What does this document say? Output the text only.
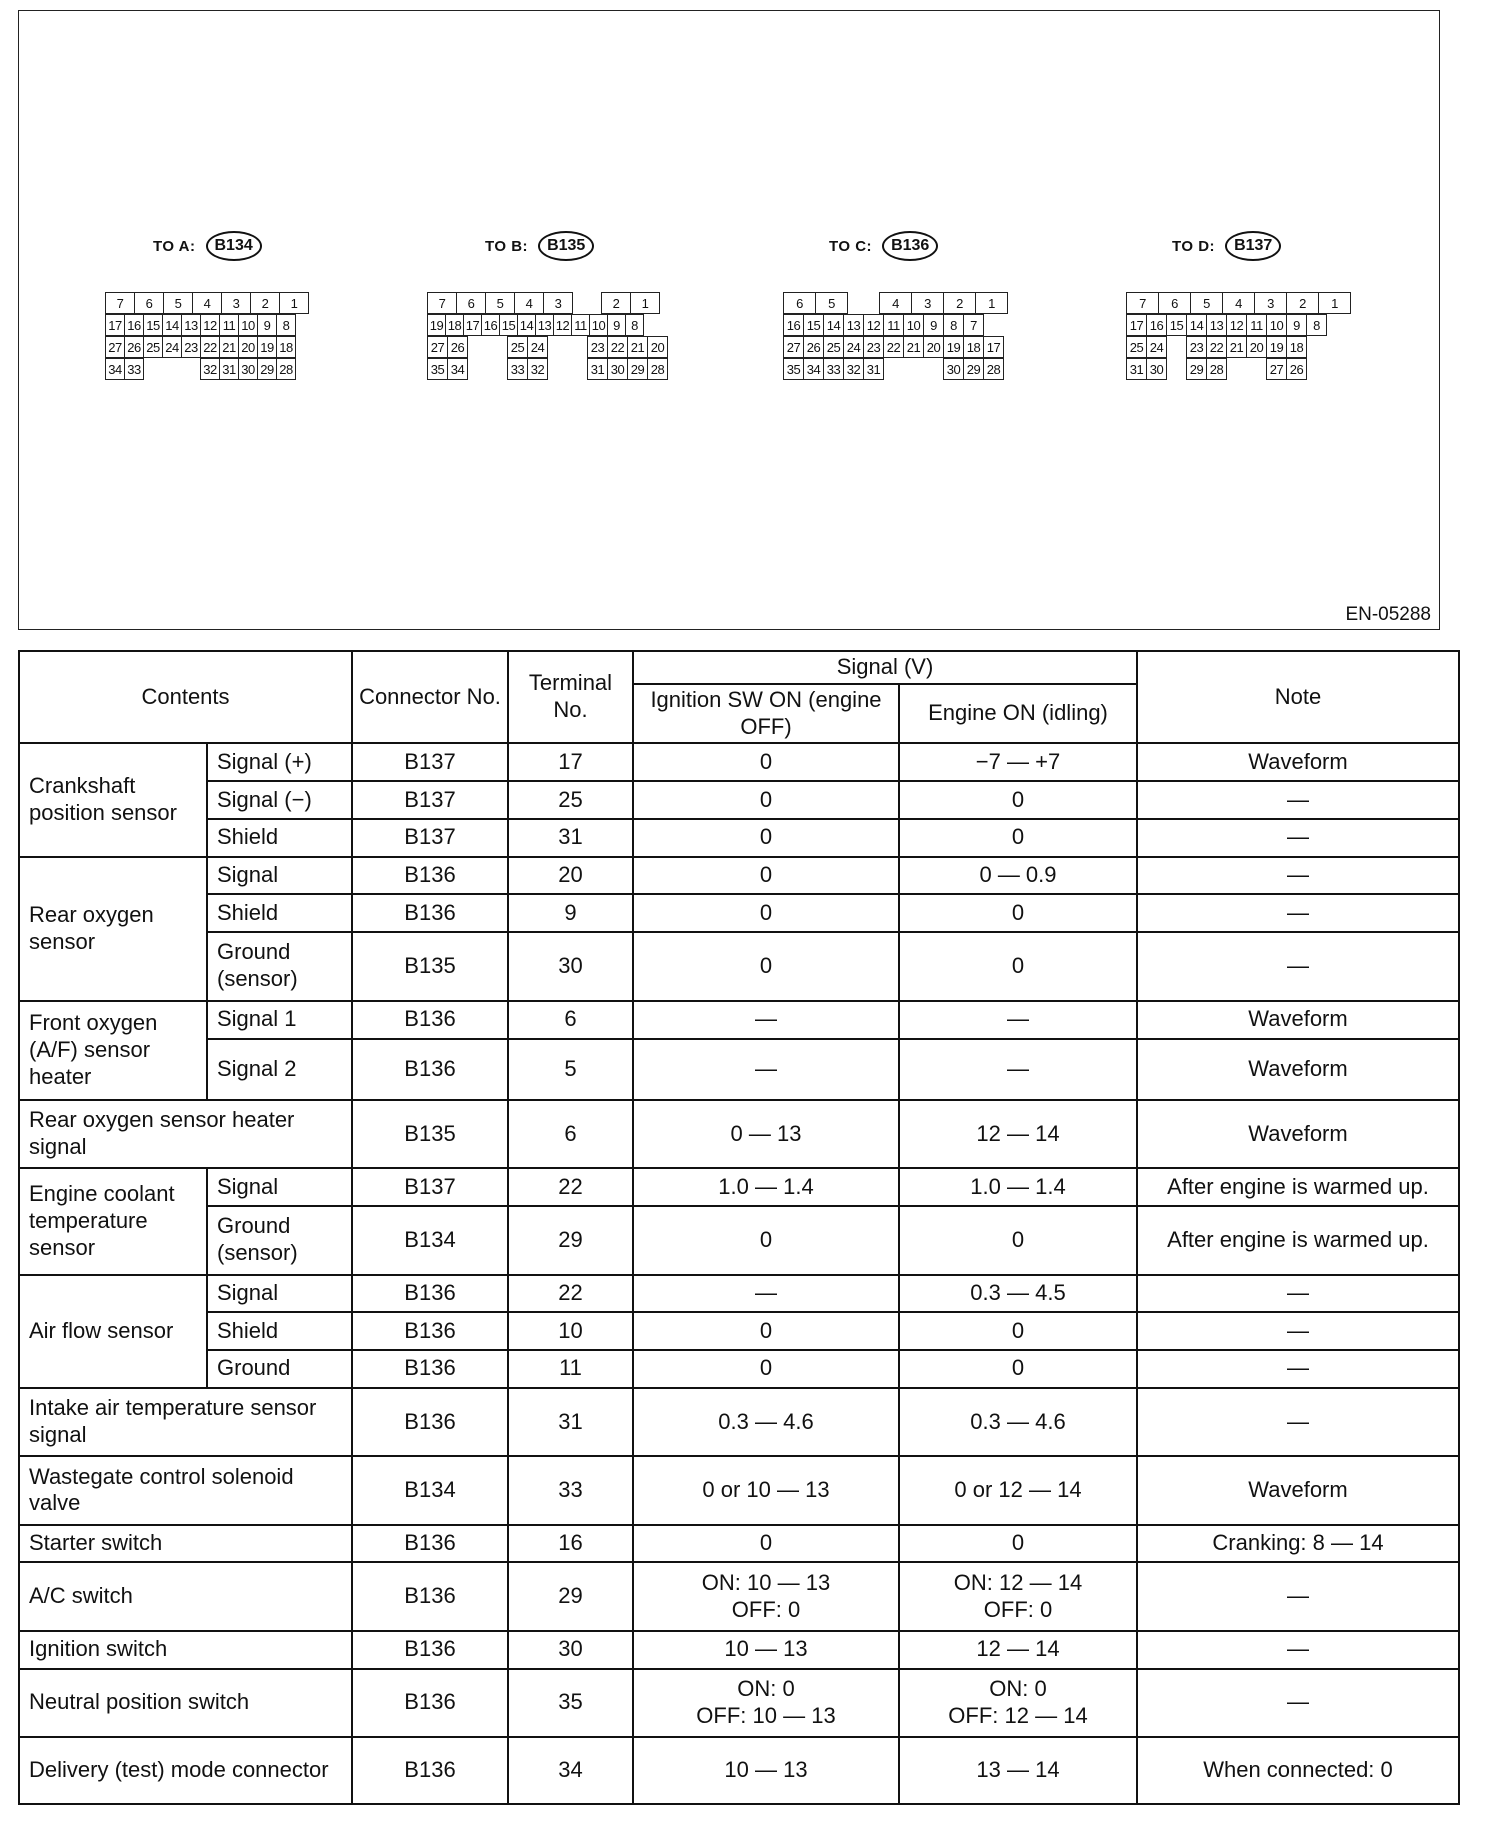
TO A:	B134
7	6	5	4	3	2	1
17 16 15 14 13 12 11 10 9 8
27 26 25 24 23 22 21 20 19 18
34 33	32 31 30 29 28
TO B:	B135
7	6	5	4	3	2	1
19 18 17 16 15 14 13 12 11 10 9 8
27 26	25 24	23 22 21 20
35 34	33 32	31 30 29 28
TO C:	B136
6	5	4	3	2	1
16 15 14 13 12 11 10 9	8	7
27 26 25 24 23 22 21 20 19 18 17
35 34 33 32 31	30 29 28
TO D:	B137
7	6	5	4	3	2	1
17 16 15 14 13 12 11 10 9	8
25 24 23 22 21 20 19 18
31 30 29 28	27 26
EN-05288
Contents		Connector No.	Terminal No.	Signal (V)		Note
				Ignition SW ON (engine OFF)	Engine ON (idling)	
Crankshaft position sensor	Signal (+)	B137	17	0	−7 — +7	Waveform
	Signal (−)	B137	25	0	0	—
	Shield	B137	31	0	0	—
Rear oxygen sensor	Signal	B136	20	0	0 — 0.9	—
	Shield	B136	9	0	0	—
	Ground (sensor)	B135	30	0	0	—
Front oxygen (A/F) sensor heater	Signal 1	B136	6	—	—	Waveform
	Signal 2	B136	5	—	—	Waveform
Rear oxygen sensor heater signal		B135	6	0 — 13	12 — 14	Waveform
Engine coolant temperature sensor	Signal	B137	22	1.0 — 1.4	1.0 — 1.4	After engine is warmed up.
	Ground (sensor)	B134	29	0	0	After engine is warmed up.
Air flow sensor	Signal	B136	22	—	0.3 — 4.5	—
	Shield	B136	10	0	0	—
	Ground	B136	11	0	0	—
Intake air temperature sensor signal		B136	31	0.3 — 4.6	0.3 — 4.6	—
Wastegate control solenoid valve		B134	33	0 or 10 — 13	0 or 12 — 14	Waveform
Starter switch		B136	16	0	0	Cranking: 8 — 14
A/C switch		B136	29	ON: 10 — 13
OFF: 0	ON: 12 — 14
OFF: 0	—
Ignition switch		B136	30	10 — 13	12 — 14	—
Neutral position switch		B136	35	ON: 0
OFF: 10 — 13	ON: 0
OFF: 12 — 14	—
Delivery (test) mode connector		B136	34	10 — 13	13 — 14	When connected: 0
